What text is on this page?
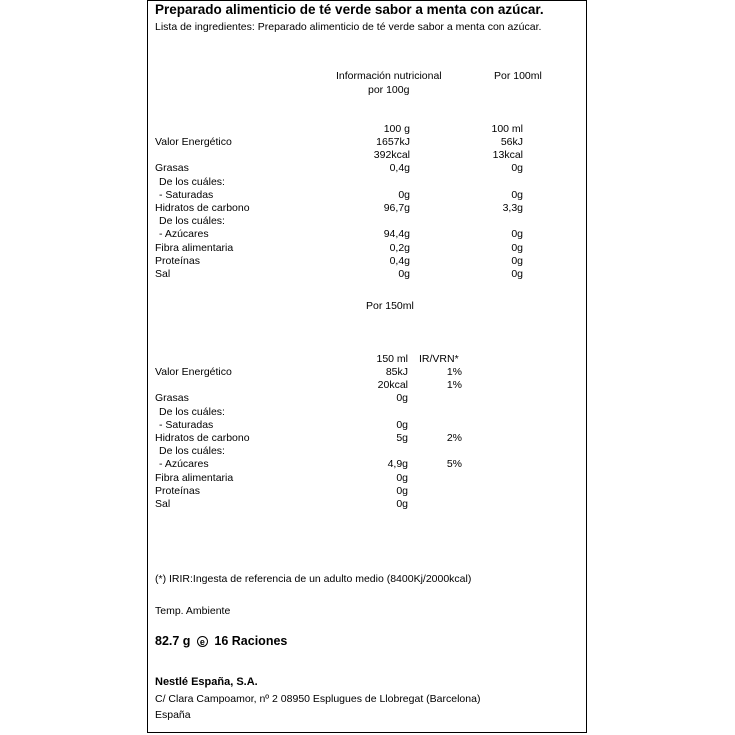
Preparado alimenticio de té verde sabor a menta con azúcar.
Lista de ingredientes: Preparado alimenticio de té verde sabor a menta con azúcar.
Información nutricional
por 100g
Por 100ml
100 g	100 ml
Valor Energético	1657kJ	56kJ
392kcal	13kcal
Grasas	0,4g	0g
De los cuáles:
- Saturadas	0g	0g
Hidratos de carbono	96,7g	3,3g
De los cuáles:
- Azúcares	94,4g	0g
Fibra alimentaria	0,2g	0g
Proteínas	0,4g	0g
Sal	0g	0g
Por 150ml
150 ml IR/VRN*
Valor Energético	85kJ	1%
20kcal	1%
Grasas	0g
De los cuáles:
- Saturadas	0g
Hidratos de carbono	5g	2%
De los cuáles:
- Azúcares	4,9g	5%
Fibra alimentaria	0g
Proteínas	0g
Sal	0g
(*) IRIR:Ingesta de referencia de un adulto medio (8400Kj/2000kcal)
Temp. Ambiente
82.7 g e 16 Raciones
Nestlé España, S.A.
C/ Clara Campoamor, nº 2 08950 Esplugues de Llobregat (Barcelona)
España
